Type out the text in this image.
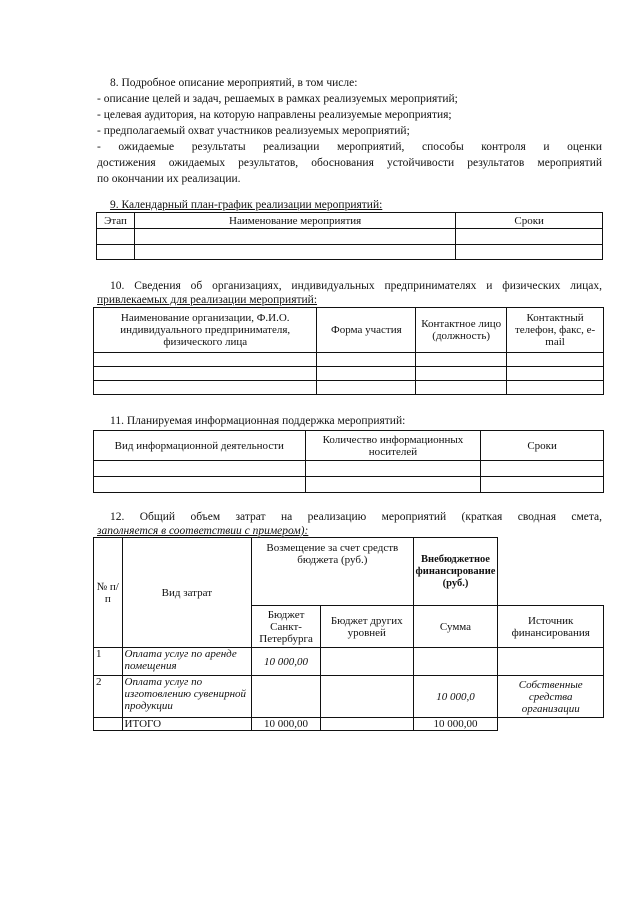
8. Подробное описание мероприятий, в том числе:
- описание целей и задач, решаемых в рамках реализуемых мероприятий;
- целевая аудитория, на которую направлены реализуемые мероприятия;
- предполагаемый охват участников реализуемых мероприятий;
- ожидаемые результаты реализации мероприятий, способы контроля и оценки
достижения ожидаемых результатов, обоснования устойчивости результатов мероприятий
по окончании их реализации.
9. Календарный план-график реализации мероприятий:
Этап	Наименование мероприятия	Сроки

10. Сведения об организациях, индивидуальных предпринимателях и физических лицах,
привлекаемых для реализации мероприятий:
Наименование организации, Ф.И.О. индивидуального предпринимателя, физического лица	Форма участия	Контактное лицо (должность)	Контактный телефон, факс, e-mail

11. Планируемая информационная поддержка мероприятий:
Вид информационной деятельности	Количество информационных носителей	Сроки

12. Общий объем затрат на реализацию мероприятий (краткая сводная смета,
заполняется в соответствии с примером):
№ п/п	Вид затрат	Возмещение за счет средств бюджета (руб.)		Внебюджетное финансирование (руб.)	
		Бюджет Санкт-Петербурга	Бюджет других уровней	Сумма	Источник финансирования
1	Оплата услуг по аренде помещения	10 000,00			
2	Оплата услуг по изготовлению сувенирной продукции			10 000,0	Собственные средства организации
	ИТОГО	10 000,00		10 000,00	
